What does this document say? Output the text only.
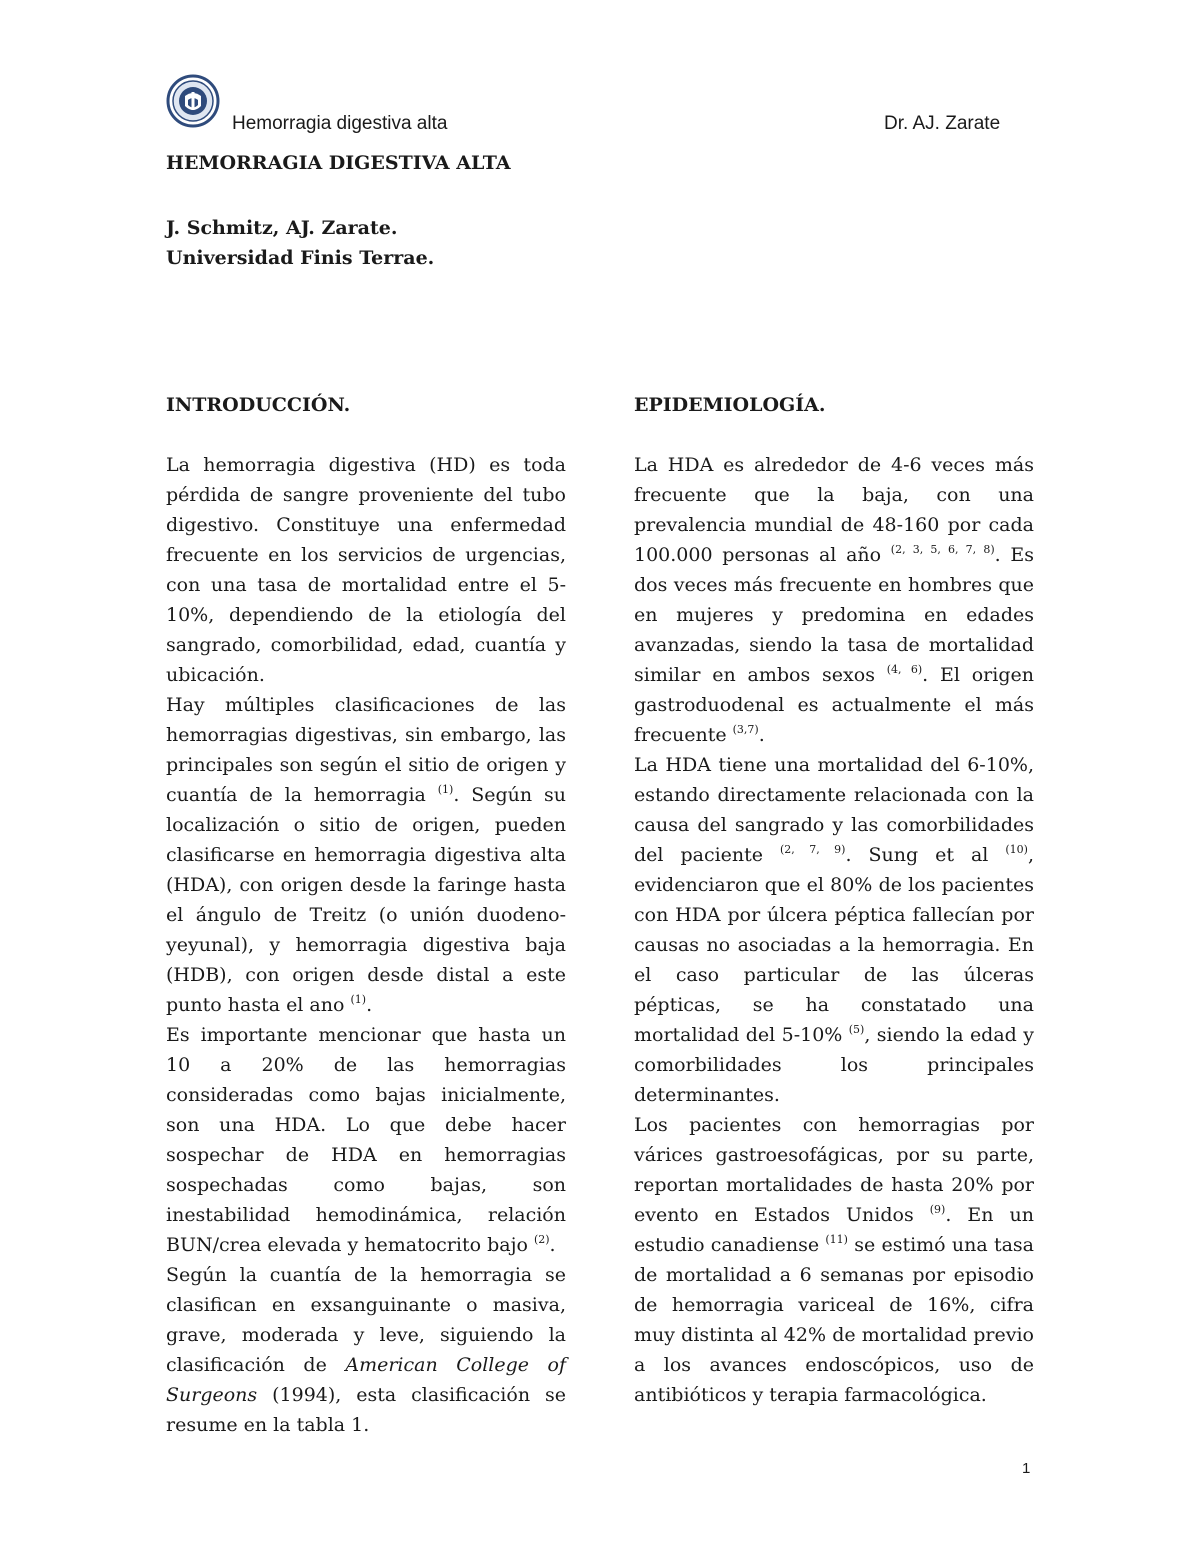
Hemorragia digestiva alta	Dr. AJ. Zarate
HEMORRAGIA DIGESTIVA ALTA
J. Schmitz, AJ. Zarate.
Universidad Finis Terrae.
INTRODUCCIÓN.

La hemorragia digestiva (HD) es toda pérdida de sangre proveniente del tubo digestivo. Constituye una enfermedad frecuente en los servicios de urgencias, con una tasa de mortalidad entre el 5-10%, dependiendo de la etiología del sangrado, comorbilidad, edad, cuantía y ubicación.

Hay múltiples clasificaciones de las hemorragias digestivas, sin embargo, las principales son según el sitio de origen y cuantía de la hemorragia $^{(1)}$. Según su localización o sitio de origen, pueden clasificarse en hemorragia digestiva alta (HDA), con origen desde la faringe hasta el ángulo de Treitz (o unión duodeno-yeyunal), y hemorragia digestiva baja (HDB), con origen desde distal a este punto hasta el ano $^{(1)}$.

Es importante mencionar que hasta un 10 a 20% de las hemorragias consideradas como bajas inicialmente, son una HDA. Lo que debe hacer sospechar de HDA en hemorragias sospechadas como bajas, son inestabilidad hemodinámica, relación BUN/crea elevada y hematocrito bajo $^{(2)}$.

Según la cuantía de la hemorragia se clasifican en exsanguinante o masiva, grave, moderada y leve, siguiendo la clasificación de American College of Surgeons (1994), esta clasificación se resume en la tabla 1.

EPIDEMIOLOGÍA.

La HDA es alrededor de 4-6 veces más frecuente que la baja, con una prevalencia mundial de 48-160 por cada 100.000 personas al año $^{(2, 3, 5, 6, 7, 8)}$. Es dos veces más frecuente en hombres que en mujeres y predomina en edades avanzadas, siendo la tasa de mortalidad similar en ambos sexos $^{(4, 6)}$. El origen gastroduodenal es actualmente el más frecuente $^{(3,7)}$.

La HDA tiene una mortalidad del 6-10%, estando directamente relacionada con la causa del sangrado y las comorbilidades del paciente $^{(2, 7, 9)}$. Sung et al $^{(10)}$, evidenciaron que el 80% de los pacientes con HDA por úlcera péptica fallecían por causas no asociadas a la hemorragia. En el caso particular de las úlceras pépticas, se ha constatado una mortalidad del 5-10% $^{(5)}$, siendo la edad y comorbilidades los principales determinantes.

Los pacientes con hemorragias por várices gastroesofágicas, por su parte, reportan mortalidades de hasta 20% por evento en Estados Unidos $^{(9)}$. En un estudio canadiense $^{(11)}$ se estimó una tasa de mortalidad a 6 semanas por episodio de hemorragia variceal de 16%, cifra muy distinta al 42% de mortalidad previo a los avances endoscópicos, uso de antibióticos y terapia farmacológica.

1
